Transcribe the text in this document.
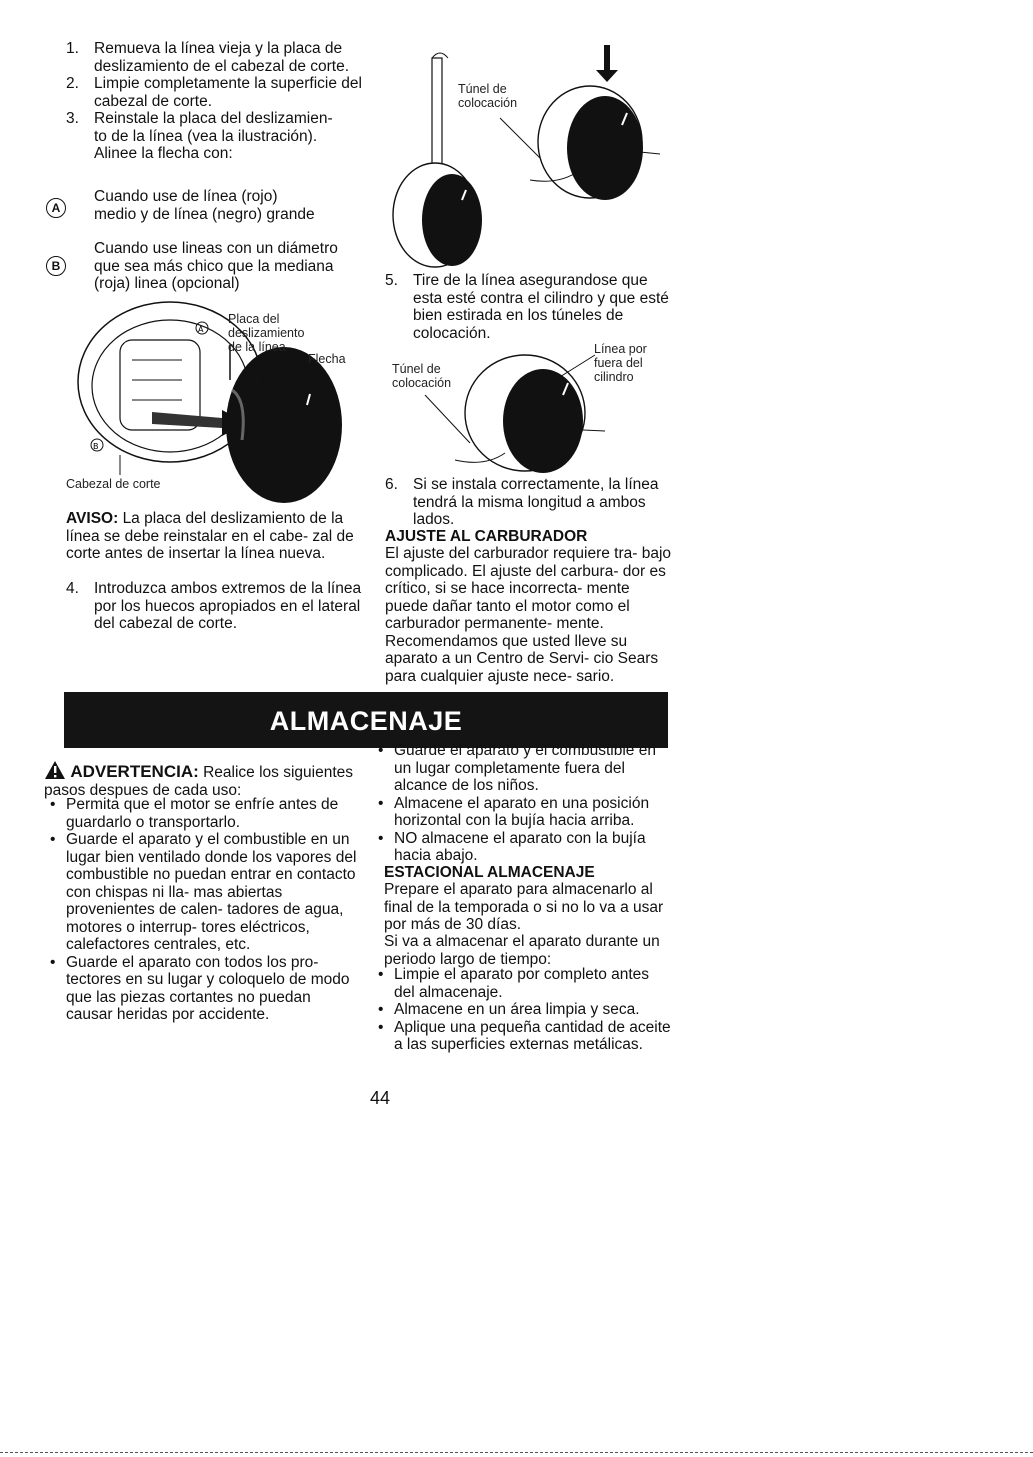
1. Remueva la línea vieja y la placa de deslizamiento de el cabezal de corte.
2. Limpie completamente la superficie del cabezal de corte.
3. Reinstale la placa del deslizamien- to de la línea (vea la ilustración). Alinee la flecha con:
A
Cuando use de línea (rojo) medio y de línea (negro) grande
B
Cuando use lineas con un diámetro que sea más chico que la mediana (roja) linea (opcional)
B
A
Placa del deslizamiento de la línea
Flecha
Cabezal de corte
AVISO: La placa del deslizamiento de la línea se debe reinstalar en el cabe- zal de corte antes de insertar la línea nueva.
4. Introduzca ambos extremos de la línea por los huecos apropiados en el lateral del cabezal de corte.
Túnel de colocación
5. Tire de la línea asegurandose que esta esté contra el cilindro y que esté bien estirada en los túneles de colocación.
Túnel de colocación
Línea por fuera del cilindro
6. Si se instala correctamente, la línea tendrá la misma longitud a ambos lados.
AJUSTE AL CARBURADOR
El ajuste del carburador requiere tra- bajo complicado. El ajuste del carbura- dor es crítico, si se hace incorrecta- mente puede dañar tanto el motor como el carburador permanente- mente. Recomendamos que usted lleve su aparato a un Centro de Servi- cio Sears para cualquier ajuste nece- sario.
ALMACENAJE
ADVERTENCIA: Realice los siguientes pasos despues de cada uso:
• Permita que el motor se enfríe antes de guardarlo o transportarlo.
• Guarde el aparato y el combustible en un lugar bien ventilado donde los vapores del combustible no puedan entrar en contacto con chispas ni lla- mas abiertas provenientes de calen- tadores de agua, motores o interrup- tores eléctricos, calefactores centrales, etc.
• Guarde el aparato con todos los pro- tectores en su lugar y coloquelo de modo que las piezas cortantes no puedan causar heridas por accidente.
• Guarde el aparato y el combustible en un lugar completamente fuera del alcance de los niños.
• Almacene el aparato en una posición horizontal con la bujía hacia arriba.
• NO almacene el aparato con la bujía hacia abajo.
ESTACIONAL ALMACENAJE
Prepare el aparato para almacenarlo al final de la temporada o si no lo va a usar por más de 30 días.
Si va a almacenar el aparato durante un periodo largo de tiempo:
• Limpie el aparato por completo antes del almacenaje.
• Almacene en un área limpia y seca.
• Aplique una pequeña cantidad de aceite a las superficies externas metálicas.
44
